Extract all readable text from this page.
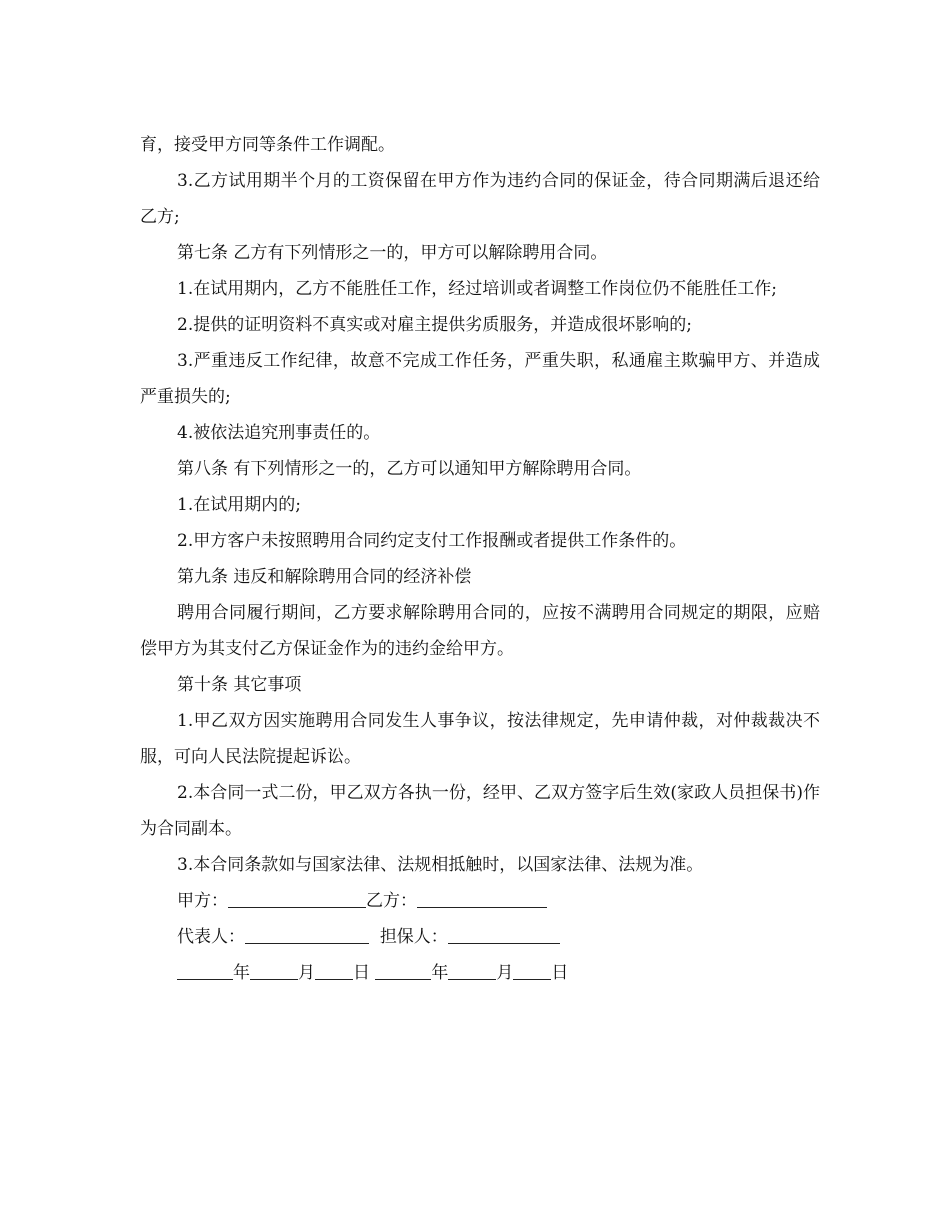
育，接受甲方同等条件工作调配。

3.乙方试用期半个月的工资保留在甲方作为违约合同的保证金，待合同期满后退还给乙方;

第七条 乙方有下列情形之一的，甲方可以解除聘用合同。

1.在试用期内，乙方不能胜任工作，经过培训或者调整工作岗位仍不能胜任工作;

2.提供的证明资料不真实或对雇主提供劣质服务，并造成很坏影响的;

3.严重违反工作纪律，故意不完成工作任务，严重失职，私通雇主欺骗甲方、并造成严重损失的;

4.被依法追究刑事责任的。

第八条 有下列情形之一的，乙方可以通知甲方解除聘用合同。

1.在试用期内的;

2.甲方客户未按照聘用合同约定支付工作报酬或者提供工作条件的。

第九条 违反和解除聘用合同的经济补偿

聘用合同履行期间，乙方要求解除聘用合同的，应按不满聘用合同规定的期限，应赔偿甲方为其支付乙方保证金作为的违约金给甲方。

第十条 其它事项

1.甲乙双方因实施聘用合同发生人事争议，按法律规定，先申请仲裁，对仲裁裁决不服，可向人民法院提起诉讼。

2.本合同一式二份，甲乙双方各执一份，经甲、乙双方签字后生效(家政人员担保书)作为合同副本。

3.本合同条款如与国家法律、法规相抵触时，以国家法律、法规为准。

甲方：	乙方：
代表人：	担保人：
年	月 日	年	月 日
